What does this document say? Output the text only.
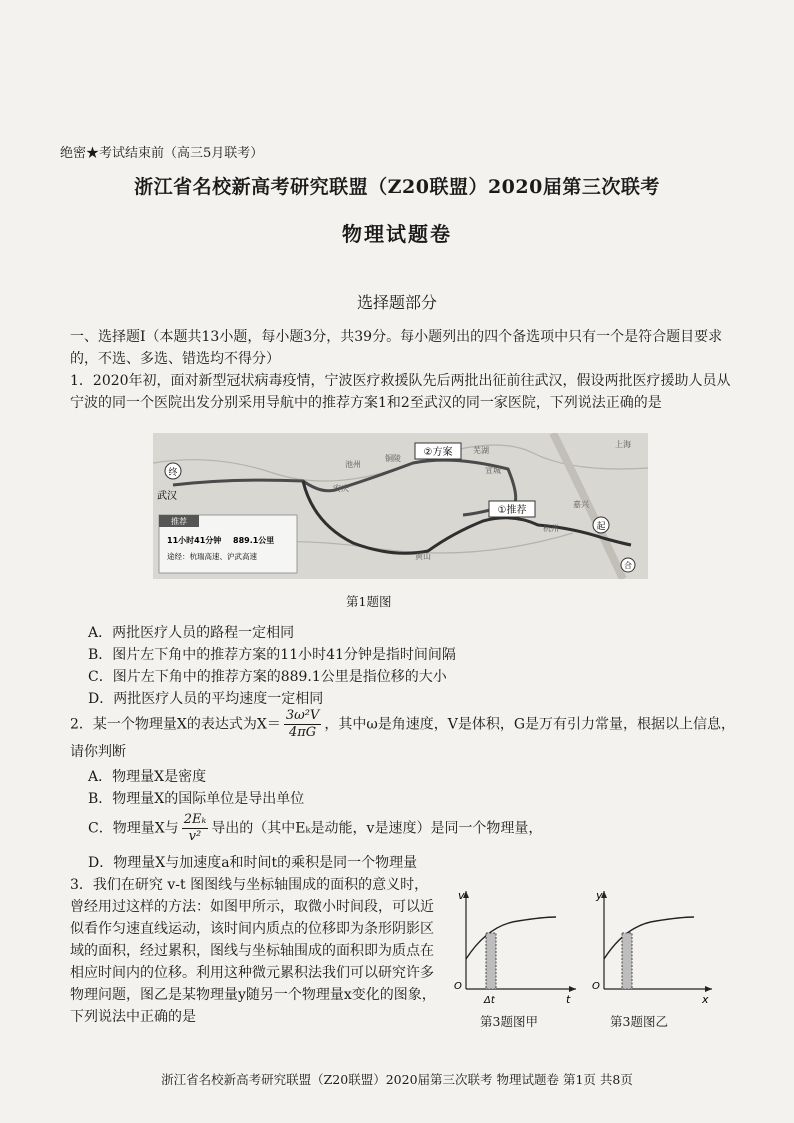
绝密★考试结束前（高三5月联考）
浙江省名校新高考研究联盟（Z20联盟）2020届第三次联考
物理试题卷
选择题部分
一、选择题Ⅰ（本题共13小题，每小题3分，共39分。每小题列出的四个备选项中只有一个是符合题目要求的，不选、多选、错选均不得分）
1．2020年初，面对新型冠状病毒疫情，宁波医疗救援队先后两批出征前往武汉，假设两批医疗援助人员从宁波的同一个医院出发分别采用导航中的推荐方案1和2至武汉的同一家医院，下列说法正确的是
终
起
合
②方案
①推荐
武汉
安庆
池州
铜陵
芜湖
宣城
杭州
上海
嘉兴
黄山
推荐
11小时41分钟 889.1公里
途经：杭瑞高速、沪武高速
第1题图
A．两批医疗人员的路程一定相同
B．图片左下角中的推荐方案的11小时41分钟是指时间间隔
C．图片左下角中的推荐方案的889.1公里是指位移的大小
D．两批医疗人员的平均速度一定相同
2．某一个物理量X的表达式为$X= \frac{\text{3ω²V}}{4\pi G}$ ，其中ω是角速度，V是体积，G是万有引力常量，根据以上信息，请你判断
A．物理量X是密度
B．物理量X的国际单位是导出单位
C．物理量X与 $\frac{\text{2Eₖ}}{\text{v²}}$ 导出的（其中Eₖ是动能，v是速度）是同一个物理量，
D．物理量X与加速度a和时间t的乘积是同一个物理量
3．我们在研究 v-t 图图线与坐标轴围成的面积的意义时，曾经用过这样的方法：如图甲所示，取微小时间段，可以近似看作匀速直线运动，该时间内质点的位移即为条形阴影区域的面积，经过累积，图线与坐标轴围成的面积即为质点在相应时间内的位移。利用这种微元累积法我们可以研究许多物理问题，图乙是某物理量y随另一个物理量x变化的图象，下列说法中正确的是
v
t
O
Δt
第3题图甲
y
x
O
第3题图乙
浙江省名校新高考研究联盟（Z20联盟）2020届第三次联考 物理试题卷 第1页 共8页
